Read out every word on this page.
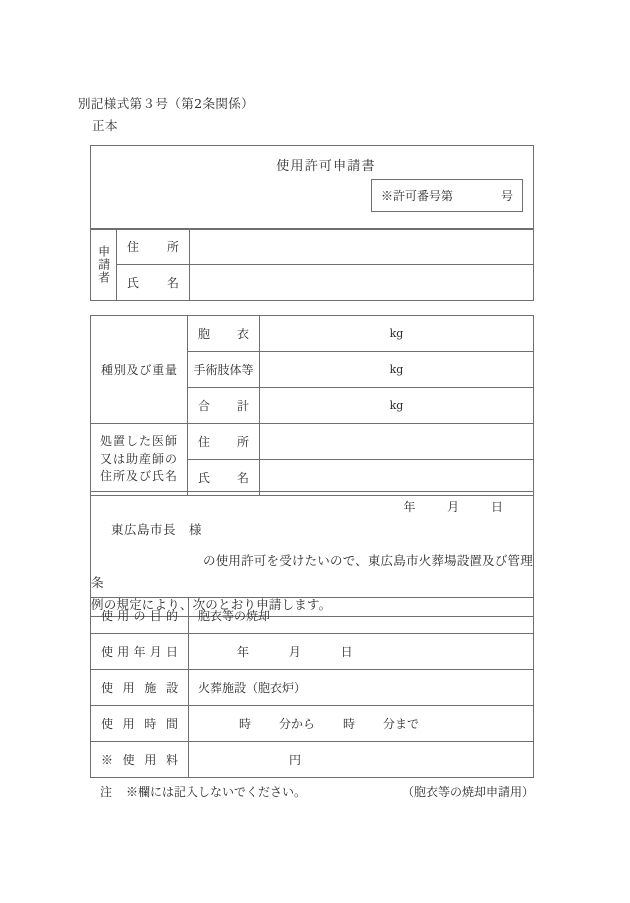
別記様式第３号（第2条関係）
正本
使用許可申請書
※許可番号第	号
申請者	住　　所	

	氏　　名	

種別及び重量	胞　　衣	kg

	手術肢体等	kg

	合　　計	kg

処置した医師
又は助産師の
住所及び氏名	住　　所	

	氏　　名	

年	月	日

東広島市長　様

の使用許可を受けたいので、東広島市火葬場設置及び管理条
例の規定により、次のとおり申請します。
使用の目的	胞衣等の焼却

使用年月日	年 月 日

使用施設	火葬施設（胞衣炉）

使用時間	時 分から 時 分まで

※使用料	円
注 ※欄には記入しないでください。	（胞衣等の焼却申請用）
